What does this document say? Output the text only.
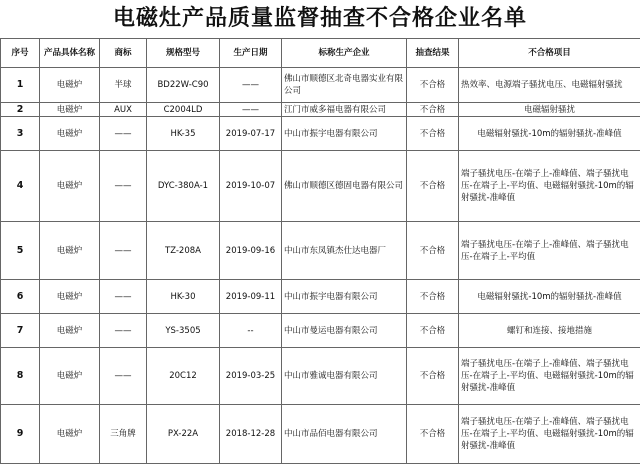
电磁灶产品质量监督抽查不合格企业名单
序号	产品具体名称	商标	规格型号	生产日期	标称生产企业	抽查结果	不合格项目
1	电磁炉	半球	BD22W-C90	——	佛山市顺德区北奇电器实业有限公司	不合格	热效率、电源端子骚扰电压、电磁辐射骚扰
2	电磁炉	AUX	C2004LD	——	江门市威多福电器有限公司	不合格	电磁辐射骚扰
3	电磁炉	——	HK-35	2019-07-17	中山市振宇电器有限公司	不合格	电磁辐射骚扰-10m的辐射骚扰-准峰值
4	电磁炉	——	DYC-380A-1	2019-10-07	佛山市顺德区德固电器有限公司	不合格	端子骚扰电压-在端子上-准峰值、端子骚扰电压-在端子上-平均值、电磁辐射骚扰-10m的辐射骚扰-准峰值
5	电磁炉	——	TZ-208A	2019-09-16	中山市东凤镇杰仕达电器厂	不合格	端子骚扰电压-在端子上-准峰值、端子骚扰电压-在端子上-平均值
6	电磁炉	——	HK-30	2019-09-11	中山市振宇电器有限公司	不合格	电磁辐射骚扰-10m的辐射骚扰-准峰值
7	电磁炉	——	YS-3505	--	中山市曼运电器有限公司	不合格	螺钉和连接、接地措施
8	电磁炉	——	20C12	2019-03-25	中山市雅诚电器有限公司	不合格	端子骚扰电压-在端子上-准峰值、端子骚扰电压-在端子上-平均值、电磁辐射骚扰-10m的辐射骚扰-准峰值
9	电磁炉	三角牌	PX-22A	2018-12-28	中山市品佰电器有限公司	不合格	端子骚扰电压-在端子上-准峰值、端子骚扰电压-在端子上-平均值、电磁辐射骚扰-10m的辐射骚扰-准峰值
